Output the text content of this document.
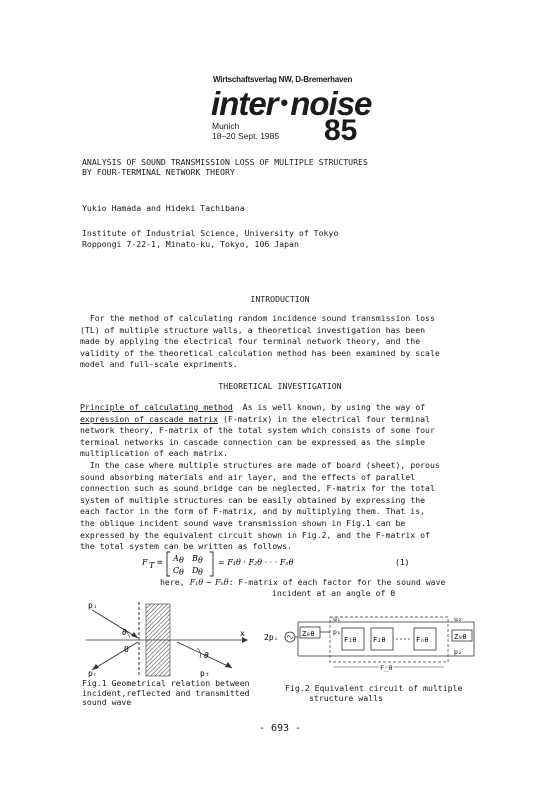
Wirtschaftsverlag NW, D-Bremerhaven
inter •noise
Munich
18–20 Sept. 1985 85
ANALYSIS OF SOUND TRANSMISSION LOSS OF MULTIPLE STRUCTURES
BY FOUR-TERMINAL NETWORK THEORY
Yukio Hamada and Hideki Tachibana
Institute of Industrial Science, University of Tokyo
Roppongi 7-22-1, Minato-ku, Tokyo, 106 Japan
INTRODUCTION
For the method of calculating random incidence sound transmission loss
(TL) of multiple structure walls, a theoretical investigation has been
made by applying the electrical four terminal network theory, and the
validity of the theoretical calculation method has been examined by scale
model and full-scale expriments.
THEORETICAL INVESTIGATION
Principle of calculating method  As is well known, by using the way of
expression of cascade matrix (F-matrix) in the electrical four terminal
network theory, F-matrix of the total system which consists of some four
terminal networks in cascade connection can be expressed as the simple
multiplication of each matrix.
In the case where multiple structures are made of board (sheet), porous
sound absorbing materials and air layer, and the effects of parallel
connection such as sound bridge can be neglected, F-matrix for the total
system of multiple structures can be easily obtained by expressing the
each factor in the form of F-matrix, and by multiplying them. That is,
the oblique incident sound wave transmission shown in Fig.1 can be
expressed by the equivalent circuit shown in Fig.2, and the F-matrix of
the total system can be written as follows.
F T = A θ B θ
C θ D θ
= F₁θ · F₂θ · · · Fₙθ	(1)
here, F₁θ ∼ Fₙθ: F-matrix of each factor for the sound wave
incident at an angle of θ
pᵢ
θ
0
x
pᵣ	pₜ
θ
Fig.1 Geometrical relation between
incident,reflected and transmitted
sound wave
2pᵢ	Z₀θ
F₁θ F₂θ	Fₙθ
u₁
p₁
u₂
Z₀θ
p₂
F_θ
Fig.2 Equivalent circuit of multiple
structure walls
- 693 -
